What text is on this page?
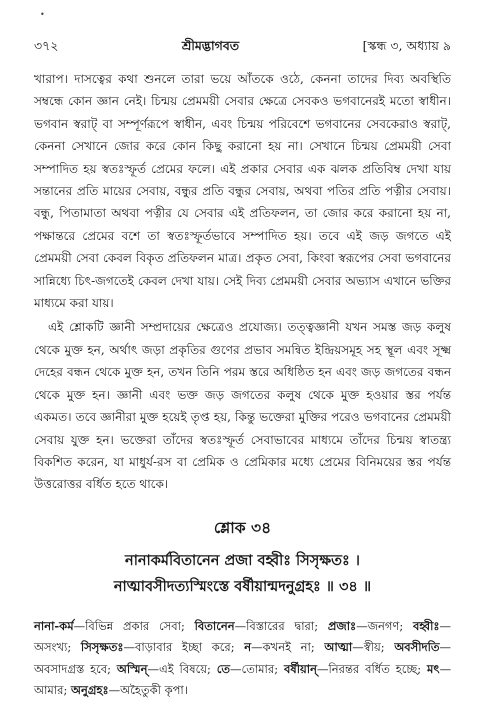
•
৩৭২	শ্রীমদ্ভাগবত	[স্কন্ধ ৩, অধ্যায় ৯

খারাপ। দাসত্বের কথা শুনলে তারা ভয়ে আঁতকে ওঠে, কেননা তাদের দিব্য অবস্থিতি সম্বন্ধে কোন জ্ঞান নেই। চিন্ময় প্রেমময়ী সেবার ক্ষেত্রে সেবকও ভগবানেরই মতো স্বাধীন। ভগবান স্বরাট্‌ বা সম্পূর্ণরূপে স্বাধীন, এবং চিন্ময় পরিবেশে ভগবানের সেবকেরাও স্বরাট্‌, কেননা সেখানে জোর করে কোন কিছু করানো হয় না। সেখানে চিন্ময় প্রেমময়ী সেবা সম্পাদিত হয় স্বতঃস্ফূর্ত প্রেমের ফলে। এই প্রকার সেবার এক ঝলক প্রতিবিম্ব দেখা যায় সন্তানের প্রতি মায়ের সেবায়, বন্ধুর প্রতি বন্ধুর সেবায়, অথবা পতির প্রতি পত্নীর সেবায়। বন্ধু, পিতামাতা অথবা পত্নীর যে সেবার এই প্রতিফলন, তা জোর করে করানো হয় না, পক্ষান্তরে প্রেমের বশে তা স্বতঃস্ফূর্তভাবে সম্পাদিত হয়। তবে এই জড় জগতে এই প্রেমময়ী সেবা কেবল বিকৃত প্রতিফলন মাত্র। প্রকৃত সেবা, কিংবা স্বরূপের সেবা ভগবানের সান্নিধ্যে চিৎ-জগতেই কেবল দেখা যায়। সেই দিব্য প্রেমময়ী সেবার অভ্যাস এখানে ভক্তির মাধ্যমে করা যায়।

এই শ্লোকটি জ্ঞানী সম্প্রদায়ের ক্ষেত্রেও প্রযোজ্য। তত্ত্বজ্ঞানী যখন সমস্ত জড় কলুষ থেকে মুক্ত হন, অর্থাৎ জড়া প্রকৃতির গুণের প্রভাব সমন্বিত ইন্দ্রিয়সমূহ সহ স্থূল এবং সূক্ষ্ম দেহের বন্ধন থেকে মুক্ত হন, তখন তিনি পরম স্তরে অধিষ্ঠিত হন এবং জড় জগতের বন্ধন থেকে মুক্ত হন। জ্ঞানী এবং ভক্ত জড় জগতের কলুষ থেকে মুক্ত হওয়ার স্তর পর্যন্ত একমত। তবে জ্ঞানীরা মুক্ত হয়েই তৃপ্ত হয়, কিন্তু ভক্তেরা মুক্তির পরেও ভগবানের প্রেমময়ী সেবায় যুক্ত হন। ভক্তেরা তাঁদের স্বতঃস্ফূর্ত সেবাভাবের মাধ্যমে তাঁদের চিন্ময় স্বাতন্ত্র্য বিকশিত করেন, যা মাধুর্য-রস বা প্রেমিক ও প্রেমিকার মধ্যে প্রেমের বিনিময়ের স্তর পর্যন্ত উত্তরোত্তর বর্ধিত হতে থাকে।

শ্লোক ৩৪

নানাকর্মবিতানেন প্রজা বহ্বীঃ সিসৃক্ষতঃ ।

নাত্মাবসীদত্যস্মিংস্তে বর্ষীয়ান্মদনুগ্রহঃ ॥ ৩৪ ॥

নানা-কর্ম—বিভিন্ন প্রকার সেবা; বিতানেন—বিস্তারের দ্বারা; প্রজাঃ—জনগণ; বহ্বীঃ—অসংখ্য; সিসৃক্ষতঃ—বাড়াবার ইচ্ছা করে; ন—কখনই না; আত্মা—স্বীয়; অবসীদতি—অবসাদগ্রস্ত হবে; অস্মিন্‌—এই বিষয়ে; তে—তোমার; বর্ষীয়ান্‌—নিরন্তর বর্ধিত হচ্ছে; মৎ—আমার; অনুগ্রহঃ—অহৈতুকী কৃপা।
